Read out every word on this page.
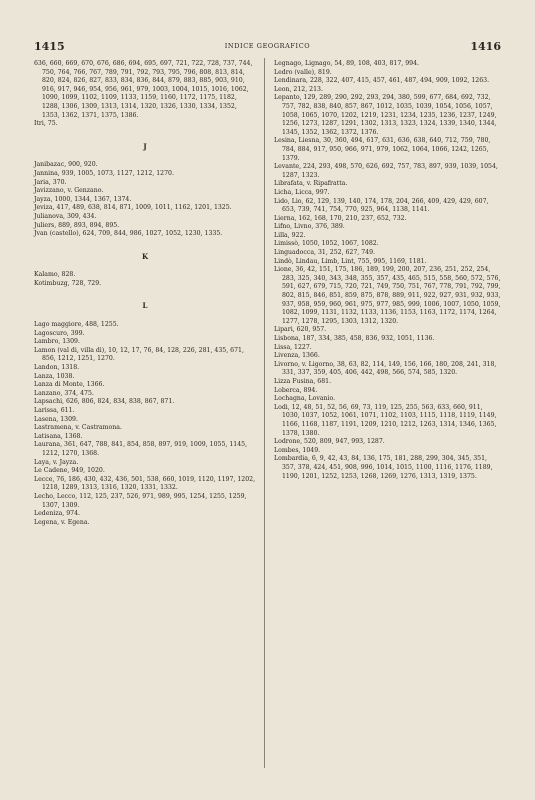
1415	INDICE GEOGRAFICO	1416

636, 660, 669, 670, 676, 686, 694, 695, 697, 721, 722, 728, 737, 744, 750, 764, 766, 767, 789, 791, 792, 793, 795, 796, 808, 813, 814, 820, 824, 826, 827, 833, 834, 836, 844, 879, 883, 885, 903, 910, 916, 917, 946, 954, 956, 961, 979, 1003, 1004, 1015, 1016, 1062, 1090, 1099, 1102, 1109, 1133, 1159, 1160, 1172, 1175, 1182, 1288, 1306, 1309, 1313, 1314, 1320, 1326, 1330, 1334, 1352, 1353, 1362, 1371, 1375, 1386.

Itri, 75.

J

Janibazac, 900, 920.

Jannina, 939, 1005, 1073, 1127, 1212, 1270.

Jaria, 370.

Javizzano, v. Genzano.

Jayza, 1000, 1344, 1367, 1374.

Jeviza, 417, 489, 638, 814, 871, 1009, 1011, 1162, 1201, 1325.

Julianova, 309, 434.

Juliers, 889, 893, 894, 895.

Jvan (castello), 624, 709, 844, 986, 1027, 1052, 1230, 1335.

K

Kalamo, 828.

Kotimbuzg, 728, 729.

L

Lago maggiore, 488, 1255.

Lagoscuro, 399.

Lambro, 1309.

Lamon (val di, villa di), 10, 12, 17, 76, 84, 128, 226, 281, 435, 671, 856, 1212, 1251, 1270.

Landon, 1318.

Lanza, 1038.

Lanza di Monte, 1366.

Lanzano, 374, 475.

Lapsachi, 626, 806, 824, 834, 838, 867, 871.

Larissa, 611.

Lasena, 1309.

Lastramena, v. Castramona.

Latisana, 1368.

Laurana, 361, 647, 788, 841, 854, 858, 897, 919, 1009, 1055, 1145, 1212, 1270, 1368.

Laya, v. Jayza.

Le Cadene, 949, 1020.

Lecce, 76, 186, 430, 432, 436, 501, 538, 660, 1019, 1120, 1197, 1202, 1218, 1289, 1313, 1316, 1320, 1331, 1332.

Lecho, Lecco, 112, 125, 237, 526, 971, 989, 995, 1254, 1255, 1259, 1307, 1309.

Ledeniza, 974.

Legena, v. Egena.

Legnago, Lignago, 54, 89, 108, 403, 817, 994.

Ledro (valle), 819.

Lendinara, 228, 322, 407, 415, 457, 461, 487, 494, 909, 1092, 1263.

Leon, 212, 213.

Lepanto, 129, 289, 290, 292, 293, 294, 380, 599, 677, 684, 692, 732, 757, 782, 838, 840, 857, 867, 1012, 1035, 1039, 1054, 1056, 1057, 1058, 1065, 1070, 1202, 1219, 1231, 1234, 1235, 1236, 1237, 1249, 1256, 1273, 1287, 1291, 1302, 1313, 1323, 1324, 1339, 1340, 1344, 1345, 1352, 1362, 1372, 1376.

Lesina, Liesna, 30, 360, 494, 617, 631, 636, 638, 640, 712, 759, 780, 784, 884, 917, 950, 966, 971, 979, 1062, 1064, 1066, 1242, 1265, 1379.

Levante, 224, 293, 498, 570, 626, 692, 757, 783, 897, 939, 1039, 1054, 1287, 1323.

Librafata, v. Ripafratta.

Licha, Licca, 997.

Lido, Lio, 62, 129, 139, 140, 174, 178, 204, 266, 409, 429, 429, 607, 653, 739, 741, 754, 770, 925, 964, 1138, 1141.

Lierna, 162, 168, 170, 210, 237, 652, 732.

Lifno, Livno, 376, 389.

Lilla, 922.

Limissò, 1050, 1052, 1067, 1082.

Linguadocca, 31, 252, 627, 749.

Lindò, Lindau, Limb, Lint, 755, 995, 1169, 1181.

Lione, 36, 42, 151, 175, 186, 189, 199, 200, 207, 236, 251, 252, 254, 283, 325, 340, 343, 348, 355, 357, 435, 465, 515, 558, 560, 572, 576, 591, 627, 679, 715, 720, 721, 749, 750, 751, 767, 778, 791, 792, 799, 802, 815, 846, 851, 859, 875, 878, 889, 911, 922, 927, 931, 932, 933, 937, 958, 959, 960, 961, 975, 977, 985, 999, 1006, 1007, 1050, 1059, 1082, 1099, 1131, 1132, 1133, 1136, 1153, 1163, 1172, 1174, 1264, 1277, 1278, 1295, 1303, 1312, 1320.

Lipari, 620, 957.

Lisbona, 187, 334, 385, 458, 836, 932, 1051, 1136.

Lissa, 1227.

Livenza, 1366.

Livorno, v. Ligorno, 38, 63, 82, 114, 149, 156, 166, 180, 208, 241, 318, 331, 337, 359, 405, 406, 442, 498, 566, 574, 585, 1320.

Lizza Fusina, 681.

Loberca, 894.

Lochagna, Lovanio.

Lodi, 12, 48, 51, 52, 56, 69, 73, 119, 125, 255, 563, 633, 660, 911, 1030, 1037, 1052, 1061, 1071, 1102, 1103, 1115, 1118, 1119, 1149, 1166, 1168, 1187, 1191, 1209, 1210, 1212, 1263, 1314, 1346, 1365, 1378, 1380.

Lodrone, 520, 809, 947, 993, 1287.

Lombes, 1049.

Lombardia, 6, 9, 42, 43, 84, 136, 175, 181, 288, 299, 304, 345, 351, 357, 378, 424, 451, 908, 996, 1014, 1015, 1100, 1116, 1176, 1189, 1190, 1201, 1252, 1253, 1268, 1269, 1276, 1313, 1319, 1375.
